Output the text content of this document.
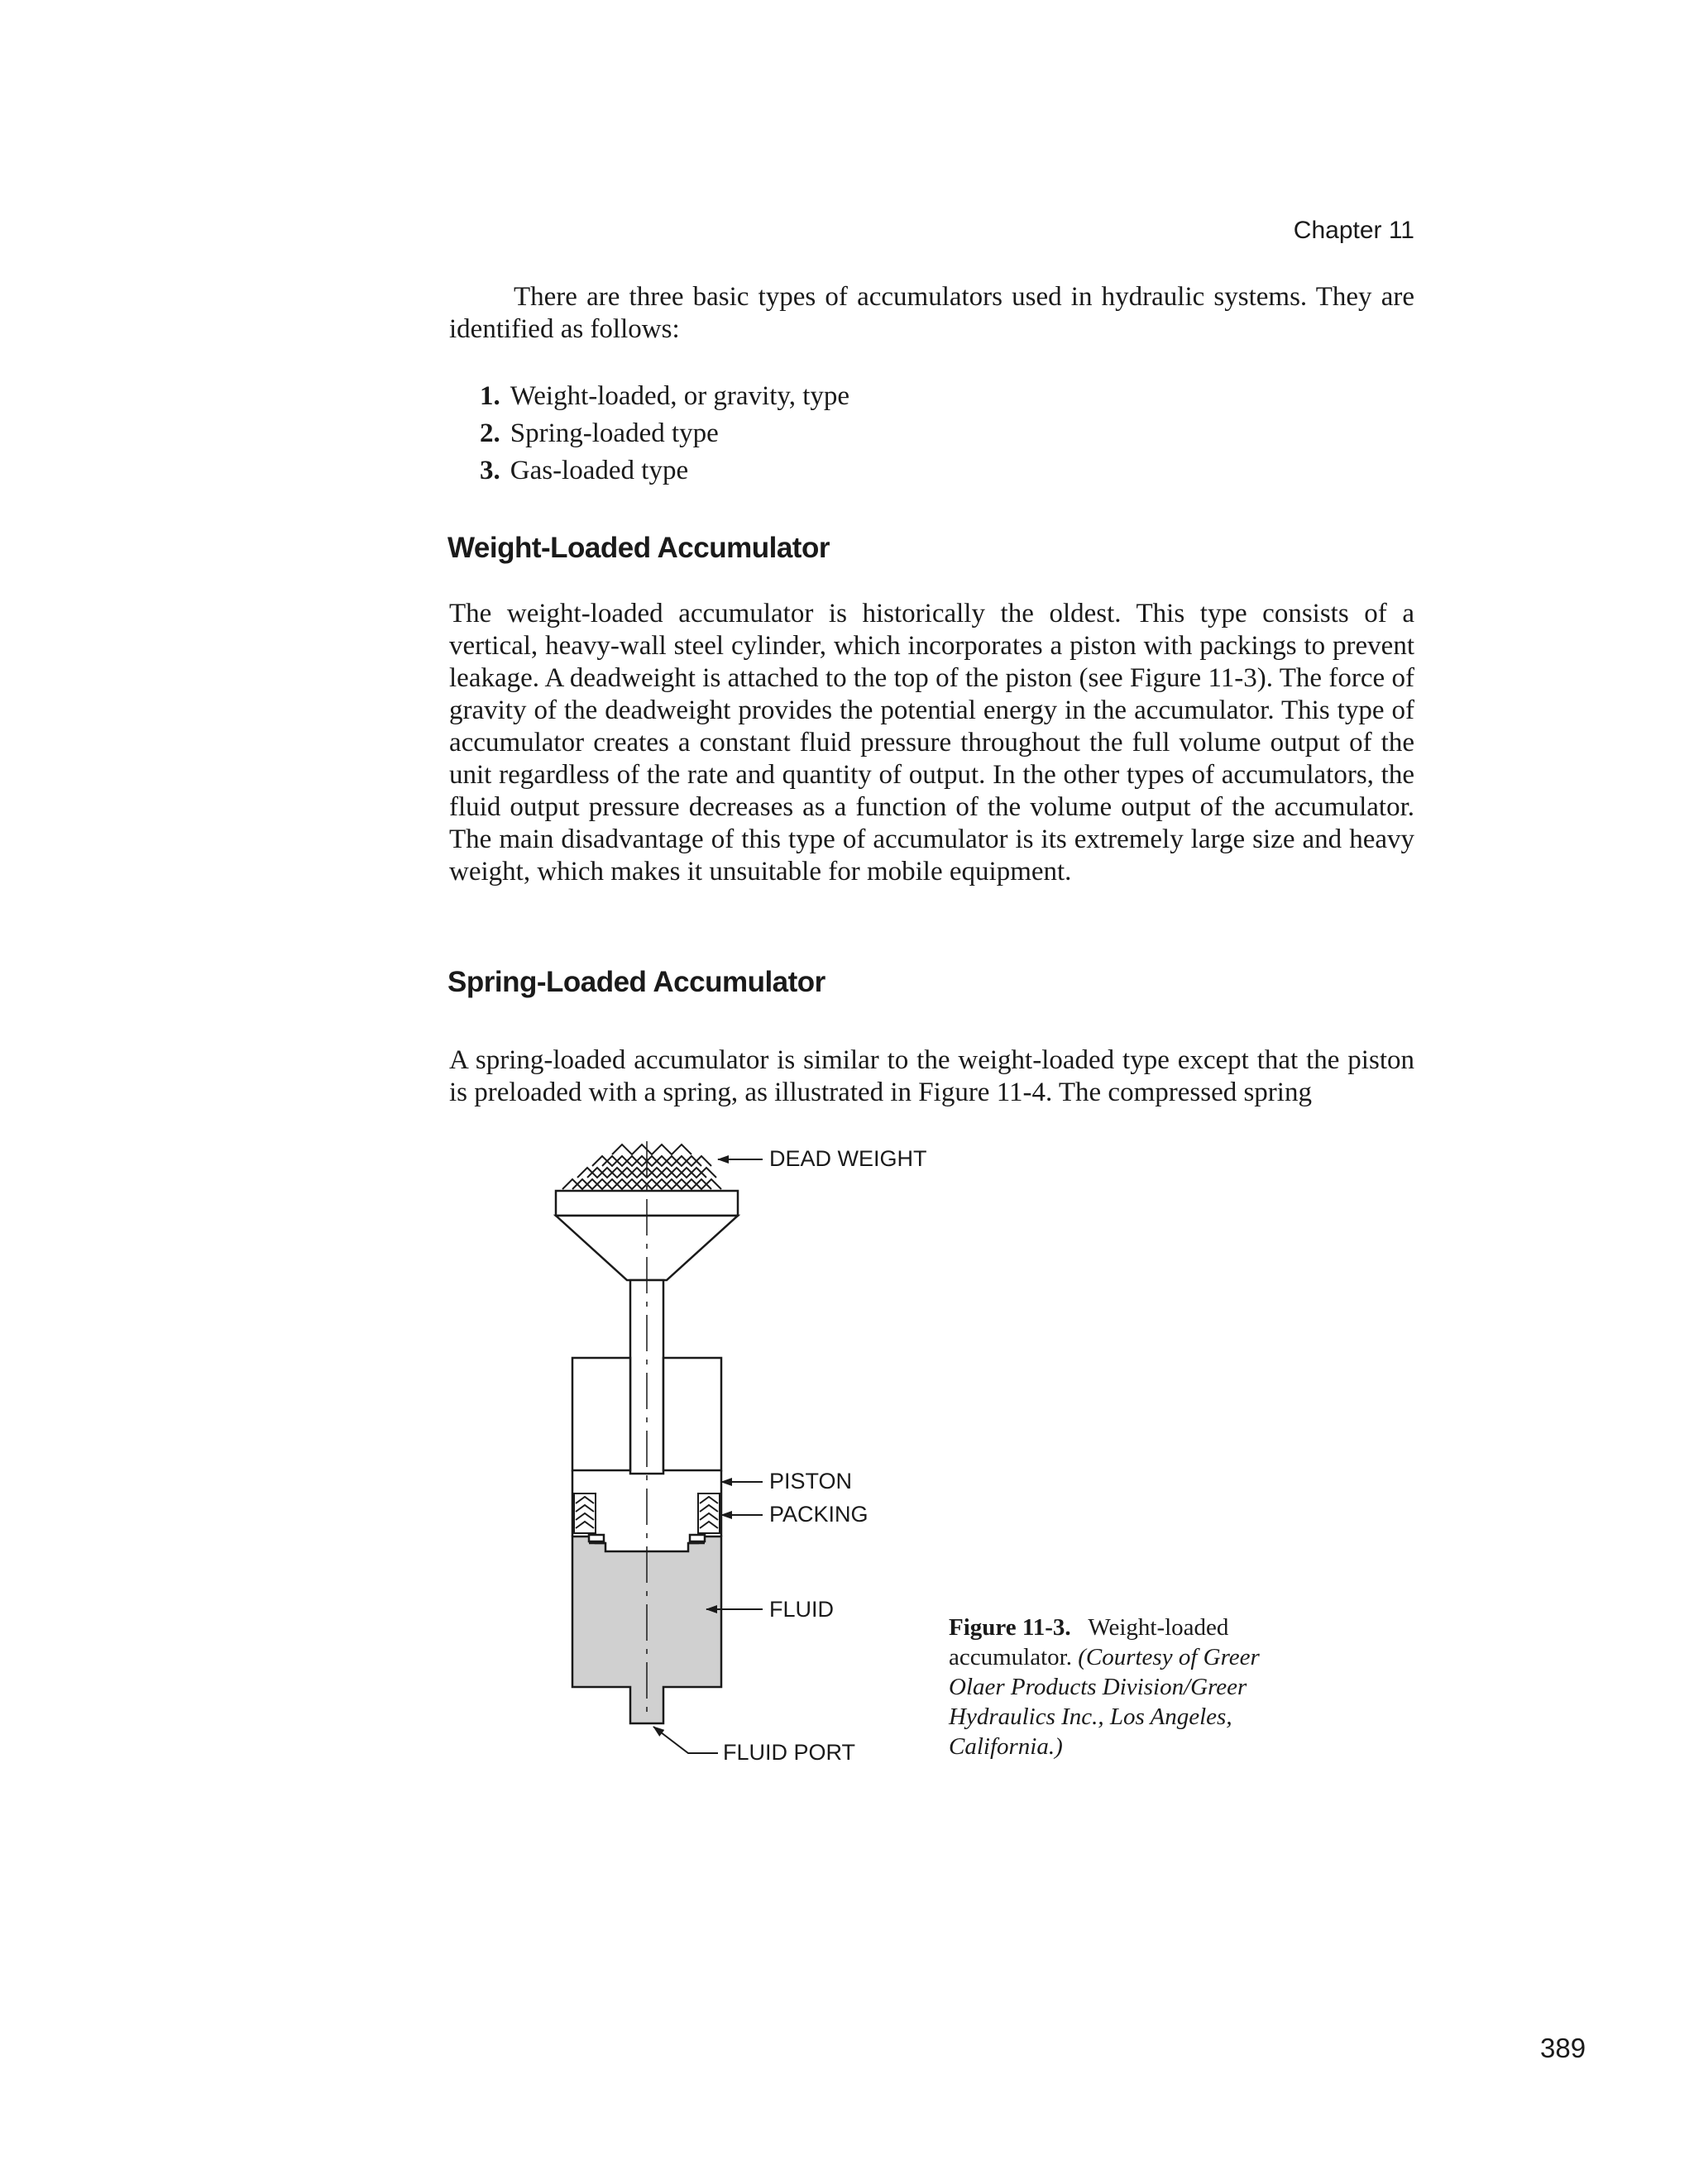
Chapter 11

There are three basic types of accumulators used in hydraulic systems. They are identified as follows:

1. Weight-loaded, or gravity, type
2. Spring-loaded type
3. Gas-loaded type
Weight-Loaded Accumulator

The weight-loaded accumulator is historically the oldest. This type consists of a vertical, heavy-wall steel cylinder, which incorporates a piston with packings to prevent leakage. A deadweight is attached to the top of the piston (see Figure 11-3). The force of gravity of the deadweight provides the potential energy in the accumulator. This type of accumulator creates a constant fluid pressure throughout the full volume output of the unit regardless of the rate and quantity of output. In the other types of accumulators, the fluid output pressure decreases as a function of the volume output of the accumulator. The main disadvantage of this type of accumulator is its extremely large size and heavy weight, which makes it unsuitable for mobile equipment.

Spring-Loaded Accumulator

A spring-loaded accumulator is similar to the weight-loaded type except that the piston is preloaded with a spring, as illustrated in Figure 11-4. The compressed spring

DEAD WEIGHT
PISTON
PACKING
FLUID
FLUID PORT
Figure 11-3. Weight-loaded accumulator. (Courtesy of Greer Olaer Products Division/Greer Hydraulics Inc., Los Angeles, California.)
389
